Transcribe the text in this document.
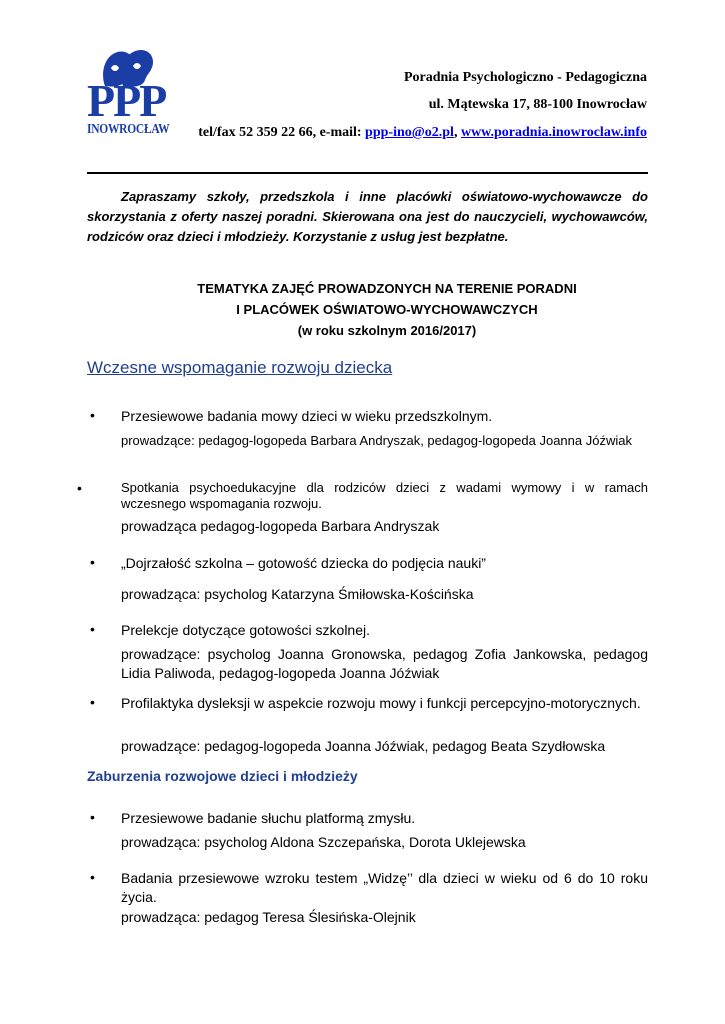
PPP
INOWROCŁAW
Poradnia Psychologiczno - Pedagogiczna
ul. Mątewska 17, 88-100 Inowrocław
tel/fax 52 359 22 66, e-mail: ppp-ino@o2.pl, www.poradnia.inowroclaw.info
Zapraszamy szkoły, przedszkola i inne placówki oświatowo-wychowawcze do skorzystania z oferty naszej poradni. Skierowana ona jest do nauczycieli, wychowawców, rodziców oraz dzieci i młodzieży. Korzystanie z usług jest bezpłatne.
TEMATYKA ZAJĘĆ PROWADZONYCH NA TERENIE PORADNI
I PLACÓWEK OŚWIATOWO-WYCHOWAWCZYCH
(w roku szkolnym 2016/2017)
Wczesne wspomaganie rozwoju dziecka
• Przesiewowe badania mowy dzieci w wieku przedszkolnym.
prowadzące: pedagog-logopeda Barbara Andryszak, pedagog-logopeda Joanna Jóźwiak
•	Spotkania psychoedukacyjne dla rodziców dzieci z wadami wymowy i w ramach wczesnego wspomagania rozwoju.
prowadząca pedagog-logopeda Barbara Andryszak
• „Dojrzałość szkolna – gotowość dziecka do podjęcia nauki”
prowadząca: psycholog Katarzyna Śmiłowska-Kościńska
• Prelekcje dotyczące gotowości szkolnej.
prowadzące: psycholog Joanna Gronowska, pedagog Zofia Jankowska, pedagog Lidia Paliwoda, pedagog-logopeda Joanna Jóźwiak
• Profilaktyka dysleksji w aspekcie rozwoju mowy i funkcji percepcyjno-motorycznych.
prowadzące: pedagog-logopeda Joanna Jóźwiak, pedagog Beata Szydłowska
Zaburzenia rozwojowe dzieci i młodzieży
• Przesiewowe badanie słuchu platformą zmysłu.
prowadząca: psycholog Aldona Szczepańska, Dorota Uklejewska
• Badania przesiewowe wzroku testem „Widzę’’ dla dzieci w wieku od 6 do 10 roku życia.
prowadząca: pedagog Teresa Ślesińska-Olejnik
